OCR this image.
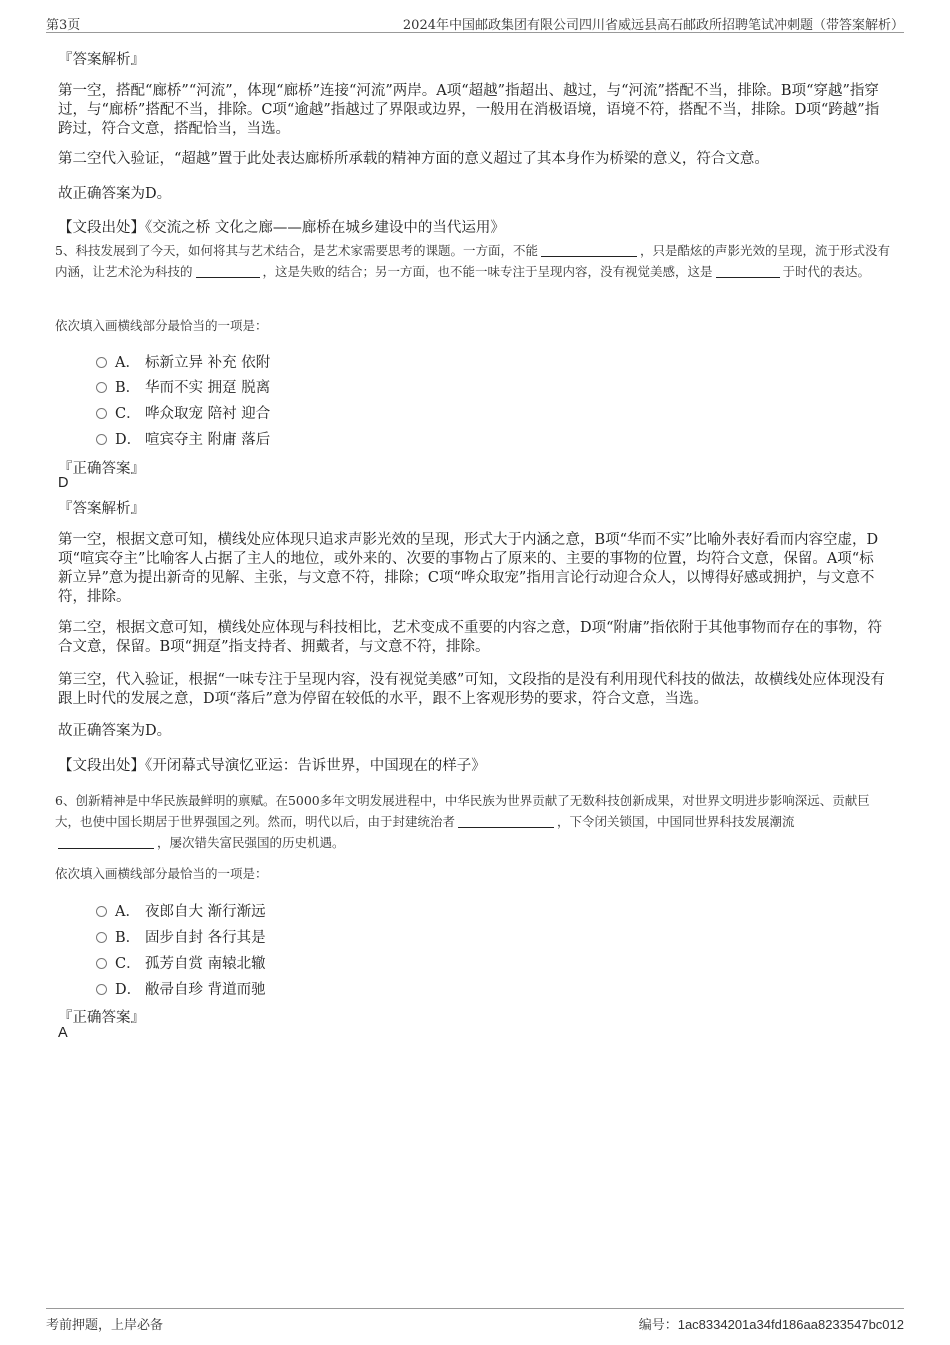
第3页	2024年中国邮政集团有限公司四川省威远县高石邮政所招聘笔试冲刺题（带答案解析）
『答案解析』
第一空，搭配“廊桥”“河流”，体现“廊桥”连接“河流”两岸。A项“超越”指超出、越过，与“河流”搭配不当，排除。B项“穿越”指穿过，与“廊桥”搭配不当，排除。C项“逾越”指越过了界限或边界，一般用在消极语境，语境不符，搭配不当，排除。D项“跨越”指跨过，符合文意，搭配恰当，当选。
第二空代入验证，“超越”置于此处表达廊桥所承载的精神方面的意义超过了其本身作为桥梁的意义，符合文意。
故正确答案为D。
【文段出处】《交流之桥 文化之廊——廊桥在城乡建设中的当代运用》
5、科技发展到了今天，如何将其与艺术结合，是艺术家需要思考的课题。一方面，不能	，只是酷炫的声影光效的呈现，流于形式没有内涵，让艺术沦为科技的	，这是失败的结合；另一方面，也不能一味专注于呈现内容，没有视觉美感，这是	于时代的表达。
依次填入画横线部分最恰当的一项是：
A． 标新立异 补充 依附
B． 华而不实 拥趸 脱离
C． 哗众取宠 陪衬 迎合
D． 喧宾夺主 附庸 落后
『正确答案』
D
『答案解析』
第一空，根据文意可知，横线处应体现只追求声影光效的呈现，形式大于内涵之意，B项“华而不实”比喻外表好看而内容空虚，D项“喧宾夺主”比喻客人占据了主人的地位，或外来的、次要的事物占了原来的、主要的事物的位置，均符合文意，保留。A项“标新立异”意为提出新奇的见解、主张，与文意不符，排除；C项“哗众取宠”指用言论行动迎合众人，以博得好感或拥护，与文意不符，排除。
第二空，根据文意可知，横线处应体现与科技相比，艺术变成不重要的内容之意，D项“附庸”指依附于其他事物而存在的事物，符合文意，保留。B项“拥趸”指支持者、拥戴者，与文意不符，排除。
第三空，代入验证，根据“一味专注于呈现内容，没有视觉美感”可知，文段指的是没有利用现代科技的做法，故横线处应体现没有跟上时代的发展之意，D项“落后”意为停留在较低的水平，跟不上客观形势的要求，符合文意，当选。
故正确答案为D。
【文段出处】《开闭幕式导演忆亚运：告诉世界，中国现在的样子》
6、创新精神是中华民族最鲜明的禀赋。在5000多年文明发展进程中，中华民族为世界贡献了无数科技创新成果，对世界文明进步影响深远、贡献巨大，也使中国长期居于世界强国之列。然而，明代以后，由于封建统治者	，下令闭关锁国，中国同世界科技发展潮流，屡次错失富民强国的历史机遇。
依次填入画横线部分最恰当的一项是：
A． 夜郎自大 渐行渐远
B． 固步自封 各行其是
C． 孤芳自赏 南辕北辙
D． 敝帚自珍 背道而驰
『正确答案』
A
考前押题，上岸必备	编号：1ac8334201a34fd186aa8233547bc012
